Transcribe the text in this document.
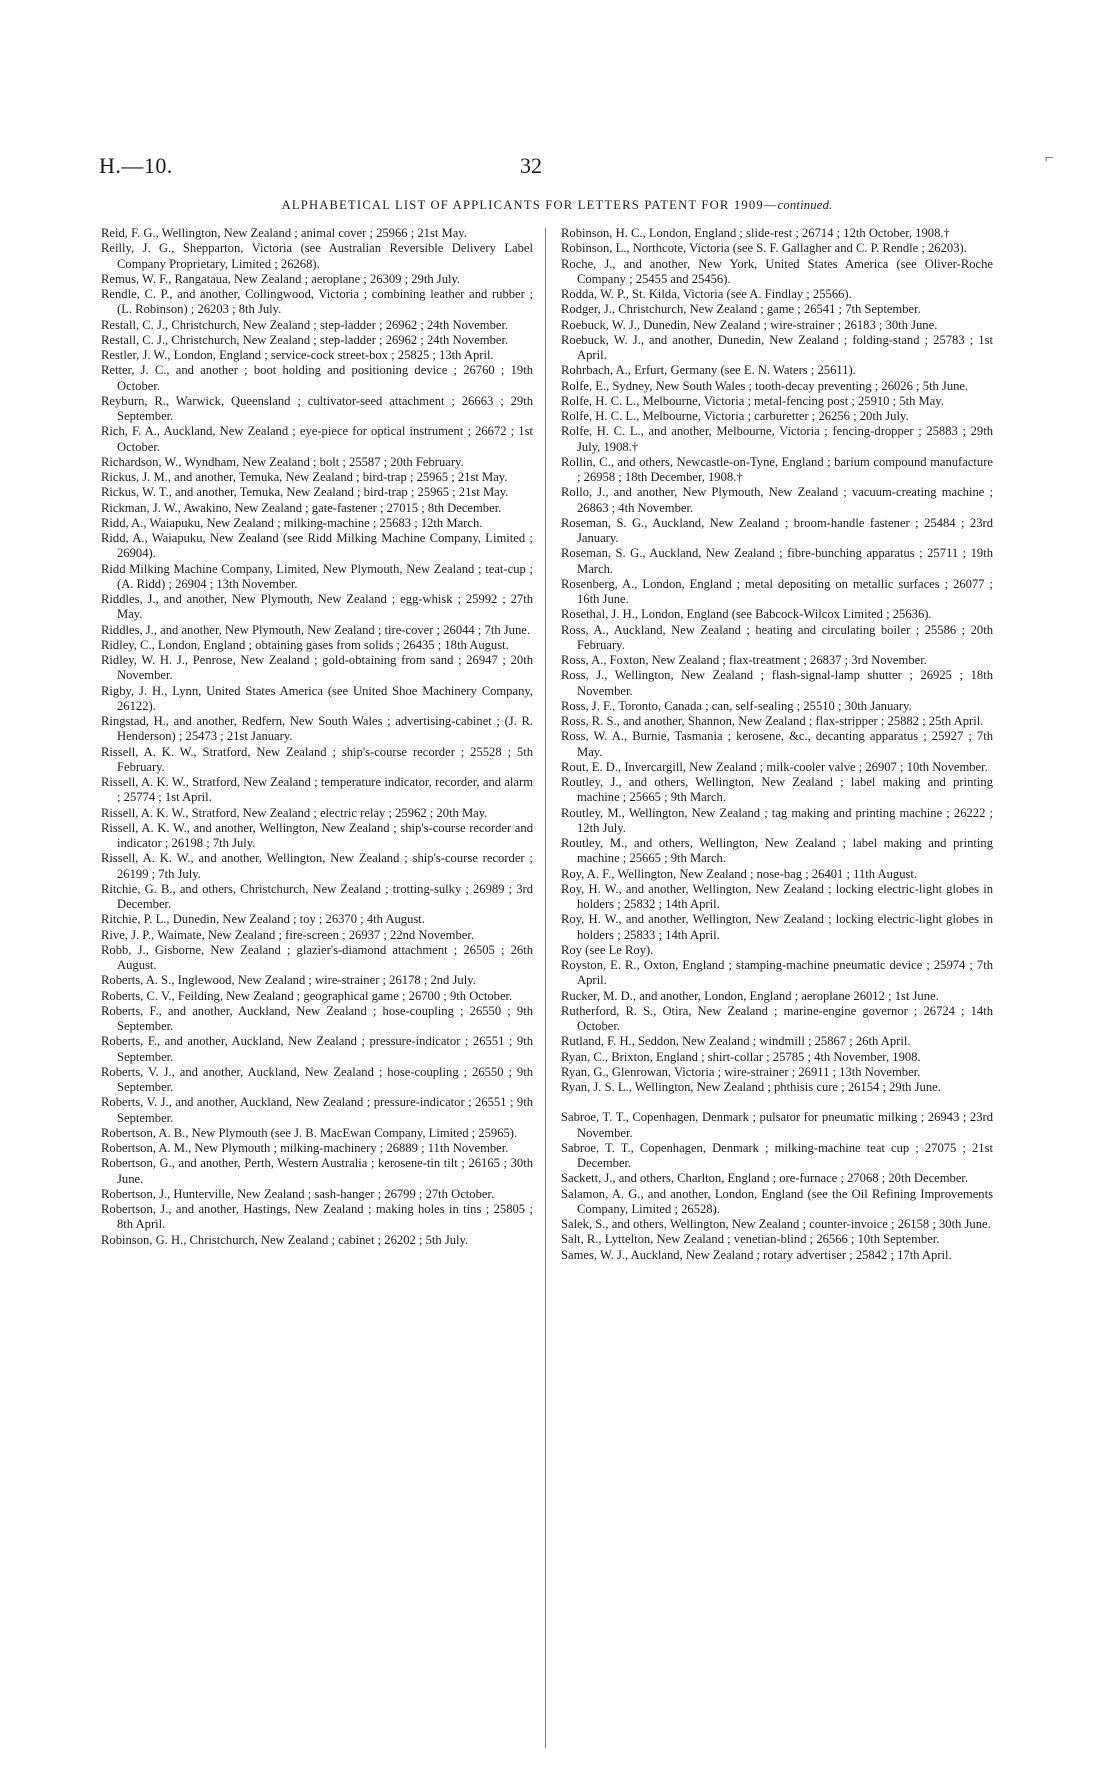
H.—10.	32	⌐
ALPHABETICAL LIST OF APPLICANTS FOR LETTERS PATENT FOR 1909—continued.
Reid, F. G., Wellington, New Zealand ; animal cover ; 25966 ; 21st May.
Reilly, J. G., Shepparton, Victoria (see Australian Reversible Delivery Label Company Proprietary, Limited ; 26268).
Remus, W. F., Rangataua, New Zealand ; aeroplane ; 26309 ; 29th July.
Rendle, C. P., and another, Collingwood, Victoria ; combining leather and rubber ; (L. Robinson) ; 26203 ; 8th July.
Restall, C. J., Christchurch, New Zealand ; step-ladder ; 26962 ; 24th November.
Restall, C. J., Christchurch, New Zealand ; step-ladder ; 26962 ; 24th November.
Restler, J. W., London, England ; service-cock street-box ; 25825 ; 13th April.
Retter, J. C., and another ; boot holding and positioning device ; 26760 ; 19th October.
Reyburn, R., Warwick, Queensland ; cultivator-seed attachment ; 26663 ; 29th September.
Rich, F. A., Auckland, New Zealand ; eye-piece for optical instrument ; 26672 ; 1st October.
Richardson, W., Wyndham, New Zealand ; bolt ; 25587 ; 20th February.
Rickus, J. M., and another, Temuka, New Zealand ; bird-trap ; 25965 ; 21st May.
Rickus, W. T., and another, Temuka, New Zealand ; bird-trap ; 25965 ; 21st May.
Rickman, J. W., Awakino, New Zealand ; gate-fastener ; 27015 ; 8th December.
Ridd, A., Waiapuku, New Zealand ; milking-machine ; 25683 ; 12th March.
Ridd, A., Waiapuku, New Zealand (see Ridd Milking Machine Company, Limited ; 26904).
Ridd Milking Machine Company, Limited, New Plymouth, New Zealand ; teat-cup ; (A. Ridd) ; 26904 ; 13th November.
Riddles, J., and another, New Plymouth, New Zealand ; egg-whisk ; 25992 ; 27th May.
Riddles, J., and another, New Plymouth, New Zealand ; tire-cover ; 26044 ; 7th June.
Ridley, C., London, England ; obtaining gases from solids ; 26435 ; 18th August.
Ridley, W. H. J., Penrose, New Zealand ; gold-obtaining from sand ; 26947 ; 20th November.
Rigby, J. H., Lynn, United States America (see United Shoe Machinery Company, 26122).
Ringstad, H., and another, Redfern, New South Wales ; advertising-cabinet ; (J. R. Henderson) ; 25473 ; 21st January.
Rissell, A. K. W., Stratford, New Zealand ; ship's-course recorder ; 25528 ; 5th February.
Rissell, A. K. W., Stratford, New Zealand ; temperature indicator, recorder, and alarm ; 25774 ; 1st April.
Rissell, A. K. W., Stratford, New Zealand ; electric relay ; 25962 ; 20th May.
Rissell, A. K. W., and another, Wellington, New Zealand ; ship's-course recorder and indicator ; 26198 ; 7th July.
Rissell, A. K. W., and another, Wellington, New Zealand ; ship's-course recorder ; 26199 ; 7th July.
Ritchie, G. B., and others, Christchurch, New Zealand ; trotting-sulky ; 26989 ; 3rd December.
Ritchie, P. L., Dunedin, New Zealand ; toy ; 26370 ; 4th August.
Rive, J. P., Waimate, New Zealand ; fire-screen ; 26937 ; 22nd November.
Robb, J., Gisborne, New Zealand ; glazier's-diamond attachment ; 26505 ; 26th August.
Roberts, A. S., Inglewood, New Zealand ; wire-strainer ; 26178 ; 2nd July.
Roberts, C. V., Feilding, New Zealand ; geographical game ; 26700 ; 9th October.
Roberts, F., and another, Auckland, New Zealand ; hose-coupling ; 26550 ; 9th September.
Roberts, F., and another, Auckland, New Zealand ; pressure-indicator ; 26551 ; 9th September.
Roberts, V. J., and another, Auckland, New Zealand ; hose-coupling ; 26550 ; 9th September.
Roberts, V. J., and another, Auckland, New Zealand ; pressure-indicator ; 26551 ; 9th September.
Robertson, A. B., New Plymouth (see J. B. MacEwan Company, Limited ; 25965).
Robertson, A. M., New Plymouth ; milking-machinery ; 26889 ; 11th November.
Robertson, G., and another, Perth, Western Australia ; kerosene-tin tilt ; 26165 ; 30th June.
Robertson, J., Hunterville, New Zealand ; sash-hanger ; 26799 ; 27th October.
Robertson, J., and another, Hastings, New Zealand ; making holes in tins ; 25805 ; 8th April.
Robinson, G. H., Christchurch, New Zealand ; cabinet ; 26202 ; 5th July.
Robinson, H. C., London, England ; slide-rest ; 26714 ; 12th October, 1908.†
Robinson, L., Northcote, Victoria (see S. F. Gallagher and C. P. Rendle ; 26203).
Roche, J., and another, New York, United States America (see Oliver-Roche Company ; 25455 and 25456).
Rodda, W. P., St. Kilda, Victoria (see A. Findlay ; 25566).
Rodger, J., Christchurch, New Zealand ; game ; 26541 ; 7th September.
Roebuck, W. J., Dunedin, New Zealand ; wire-strainer ; 26183 ; 30th June.
Roebuck, W. J., and another, Dunedin, New Zealand ; folding-stand ; 25783 ; 1st April.
Rohrbach, A., Erfurt, Germany (see E. N. Waters ; 25611).
Rolfe, E., Sydney, New South Wales ; tooth-decay preventing ; 26026 ; 5th June.
Rolfe, H. C. L., Melbourne, Victoria ; metal-fencing post ; 25910 ; 5th May.
Rolfe, H. C. L., Melbourne, Victoria ; carburetter ; 26256 ; 20th July.
Rolfe, H. C. L., and another, Melbourne, Victoria ; fencing-dropper ; 25883 ; 29th July, 1908.†
Rollin, C., and others, Newcastle-on-Tyne, England ; barium compound manufacture ; 26958 ; 18th December, 1908.†
Rollo, J., and another, New Plymouth, New Zealand ; vacuum-creating machine ; 26863 ; 4th November.
Roseman, S. G., Auckland, New Zealand ; broom-handle fastener ; 25484 ; 23rd January.
Roseman, S. G., Auckland, New Zealand ; fibre-bunching apparatus ; 25711 ; 19th March.
Rosenberg, A., London, England ; metal depositing on metallic surfaces ; 26077 ; 16th June.
Rosethal, J. H., London, England (see Babcock-Wilcox Limited ; 25636).
Ross, A., Auckland, New Zealand ; heating and circulating boiler ; 25586 ; 20th February.
Ross, A., Foxton, New Zealand ; flax-treatment ; 26837 ; 3rd November.
Ross, J., Wellington, New Zealand ; flash-signal-lamp shutter ; 26925 ; 18th November.
Ross, J. F., Toronto, Canada ; can, self-sealing ; 25510 ; 30th January.
Ross, R. S., and another, Shannon, New Zealand ; flax-stripper ; 25882 ; 25th April.
Ross, W. A., Burnie, Tasmania ; kerosene, &c., decanting apparatus ; 25927 ; 7th May.
Rout, E. D., Invercargill, New Zealand ; milk-cooler valve ; 26907 ; 10th November.
Routley, J., and others, Wellington, New Zealand ; label making and printing machine ; 25665 ; 9th March.
Routley, M., Wellington, New Zealand ; tag making and printing machine ; 26222 ; 12th July.
Routley, M., and others, Wellington, New Zealand ; label making and printing machine ; 25665 ; 9th March.
Roy, A. F., Wellington, New Zealand ; nose-bag ; 26401 ; 11th August.
Roy, H. W., and another, Wellington, New Zealand ; locking electric-light globes in holders ; 25832 ; 14th April.
Roy, H. W., and another, Wellington, New Zealand ; locking electric-light globes in holders ; 25833 ; 14th April.
Roy (see Le Roy).
Royston, E. R., Oxton, England ; stamping-machine pneumatic device ; 25974 ; 7th April.
Rucker, M. D., and another, London, England ; aeroplane 26012 ; 1st June.
Rutherford, R. S., Otira, New Zealand ; marine-engine governor ; 26724 ; 14th October.
Rutland, F. H., Seddon, New Zealand ; windmill ; 25867 ; 26th April.
Ryan, C., Brixton, England ; shirt-collar ; 25785 ; 4th November, 1908.
Ryan, G., Glenrowan, Victoria ; wire-strainer ; 26911 ; 13th November.
Ryan, J. S. L., Wellington, New Zealand ; phthisis cure ; 26154 ; 29th June.
Sabroe, T. T., Copenhagen, Denmark ; pulsator for pneumatic milking ; 26943 ; 23rd November.
Sabroe, T. T., Copenhagen, Denmark ; milking-machine teat cup ; 27075 ; 21st December.
Sackett, J., and others, Charlton, England ; ore-furnace ; 27068 ; 20th December.
Salamon, A. G., and another, London, England (see the Oil Refining Improvements Company, Limited ; 26528).
Salek, S., and others, Wellington, New Zealand ; counter-invoice ; 26158 ; 30th June.
Salt, R., Lyttelton, New Zealand ; venetian-blind ; 26566 ; 10th September.
Sames, W. J., Auckland, New Zealand ; rotary advertiser ; 25842 ; 17th April.
